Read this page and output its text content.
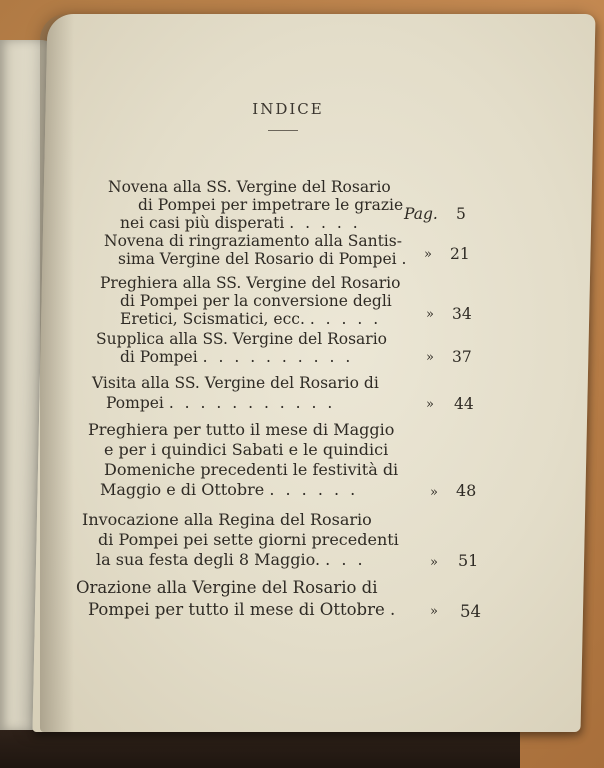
INDICE
Novena alla SS. Vergine del Rosario
di Pompei per impetrare le grazie
nei casi più disperati . . . . .	Pag. 5
Novena di ringraziamento alla Santis-
sima Vergine del Rosario di Pompei . » 21
Preghiera alla SS. Vergine del Rosario
di Pompei per la conversione degli
Eretici, Scismatici, ecc. . . . . .	» 34
Supplica alla SS. Vergine del Rosario
di Pompei . . . . . . . . . .	» 37
Visita alla SS. Vergine del Rosario di
Pompei . . . . . . . . . . .	» 44
Preghiera per tutto il mese di Maggio
e per i quindici Sabati e le quindici
Domeniche precedenti le festività di
Maggio e di Ottobre . . . . . .	» 48
Invocazione alla Regina del Rosario
di Pompei pei sette giorni precedenti
la sua festa degli 8 Maggio. . . .	» 51
Orazione alla Vergine del Rosario di
Pompei per tutto il mese di Ottobre . » 54
